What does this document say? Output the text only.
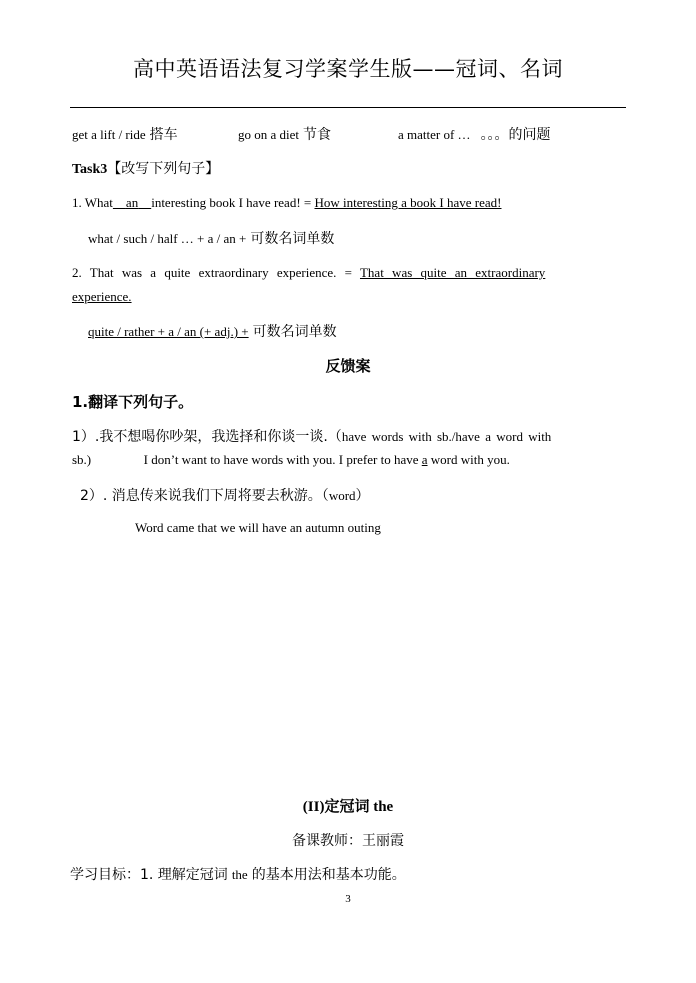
高中英语语法复习学案学生版——冠词、名词
get a lift / ride 搭车	go on a diet 节食	a matter of … 。。。的问题
Task3【改写下列句子】
1. What an interesting book I have read! = How interesting a book I have read!
what / such / half … + a / an + 可数名词单数
2. That was a quite extraordinary experience. = That was quite an extraordinary
experience.
quite / rather + a / an (+ adj.) + 可数名词单数
反馈案
1.翻译下列句子。
1）.我不想喝你吵架，我选择和你谈一谈.（have words with sb./have a word with
sb.)	I don’t want to have words with you. I prefer to have a word with you.
2）. 消息传来说我们下周将要去秋游。（word）
Word came that we will have an autumn outing
(II)定冠词 the
备课教师：王丽霞
学习目标：1. 理解定冠词 the 的基本用法和基本功能。
3
